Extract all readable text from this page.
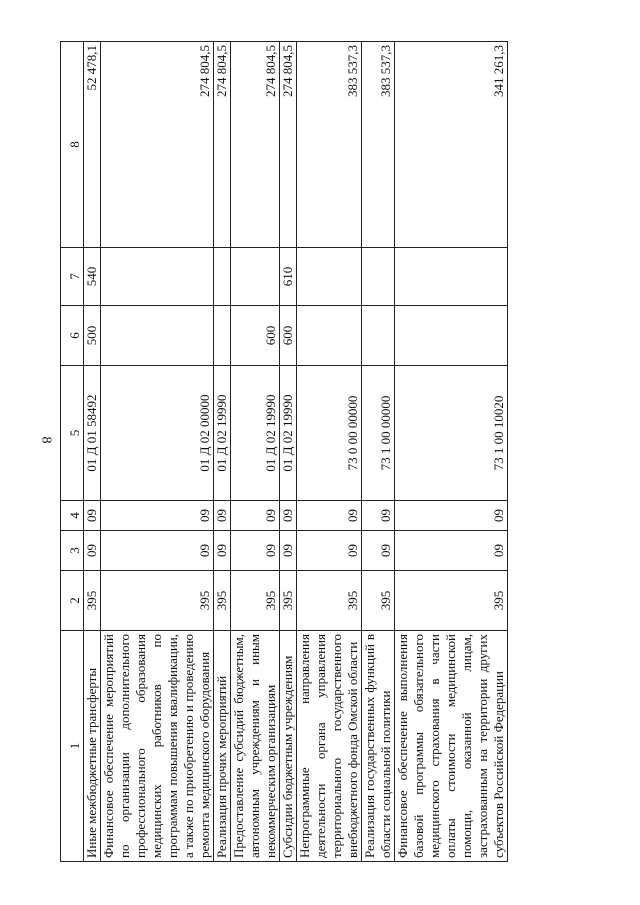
8
1	2	3	4	5	6	7	8
Иные межбюджетные трансферты	395	09	09	01 Д 01 58492	500	540	52 478,1
Финансовое обеспечение мероприятий по организации дополнительного профессионального образования медицинских работников по программам повышения квалификации, а также по приобретению и проведению ремонта медицинского оборудования	395	09	09	01 Д 02 00000			274 804,5
Реализация прочих мероприятий	395	09	09	01 Д 02 19990			274 804,5
Предоставление субсидий бюджетным, автономным учреждениям и иным некоммерческим организациям	395	09	09	01 Д 02 19990	600		274 804,5
Субсидии бюджетным учреждениям	395	09	09	01 Д 02 19990	600	610	274 804,5
Непрограммные направления деятельности органа управления территориального государственного внебюджетного фонда Омской области	395	09	09	73 0 00 00000			383 537,3
Реализация государственных функций в области социальной политики	395	09	09	73 1 00 00000			383 537,3
Финансовое обеспечение выполнения базовой программы обязательного медицинского страхования в части оплаты стоимости медицинской помощи, оказанной лицам, застрахованным на территории других субъектов Российской Федерации	395	09	09	73 1 00 10020			341 261,3
